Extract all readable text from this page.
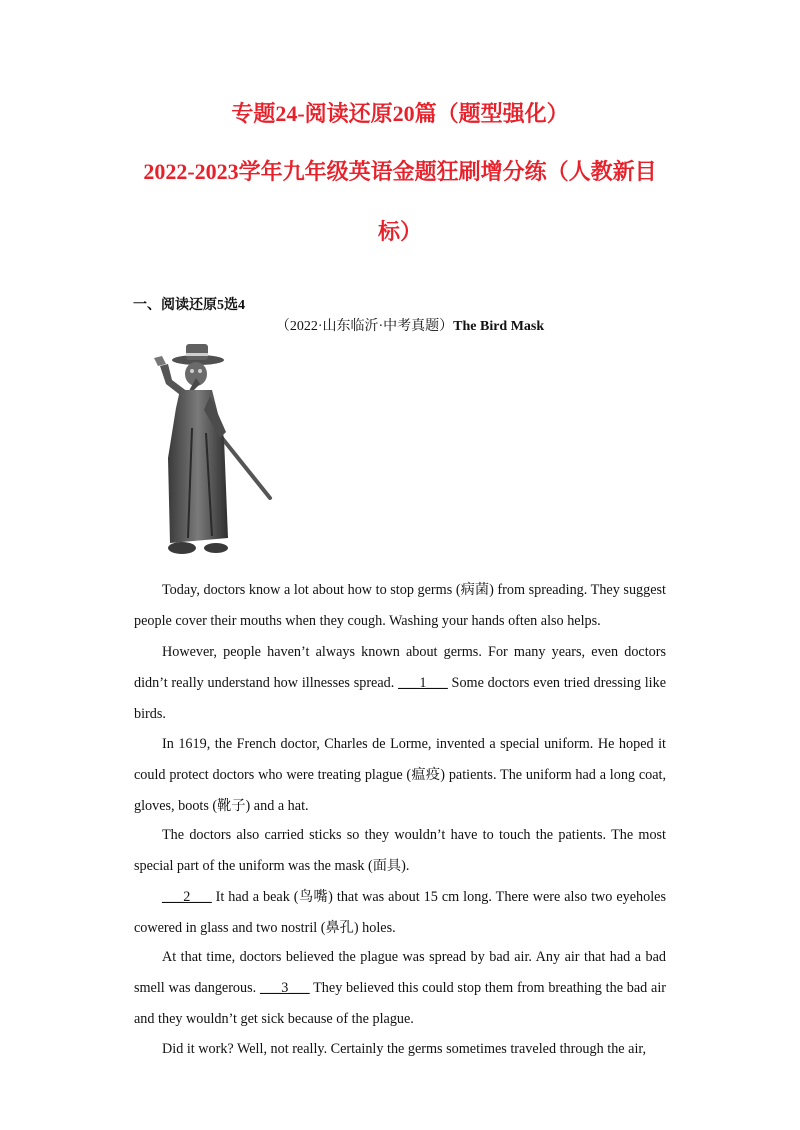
专题24-阅读还原20篇（题型强化）
2022-2023学年九年级英语金题狂刷增分练（人教新目
标）
一、阅读还原5选4
（2022·山东临沂·中考真题）The Bird Mask
Today, doctors know a lot about how to stop germs (病菌) from spreading. They suggest people cover their mouths when they cough. Washing your hands often also helps.
However, people haven’t always known about germs. For many years, even doctors didn’t really understand how illnesses spread. ___1___ Some doctors even tried dressing like birds.
In 1619, the French doctor, Charles de Lorme, invented a special uniform. He hoped it could protect doctors who were treating plague (瘟疫) patients. The uniform had a long coat, gloves, boots (靴子) and a hat.
The doctors also carried sticks so they wouldn’t have to touch the patients. The most special part of the uniform was the mask (面具).
___2___ It had a beak (鸟嘴) that was about 15 cm long. There were also two eyeholes cowered in glass and two nostril (鼻孔) holes.
At that time, doctors believed the plague was spread by bad air. Any air that had a bad smell was dangerous. ___3___ They believed this could stop them from breathing the bad air and they wouldn’t get sick because of the plague.
Did it work? Well, not really. Certainly the germs sometimes traveled through the air,
